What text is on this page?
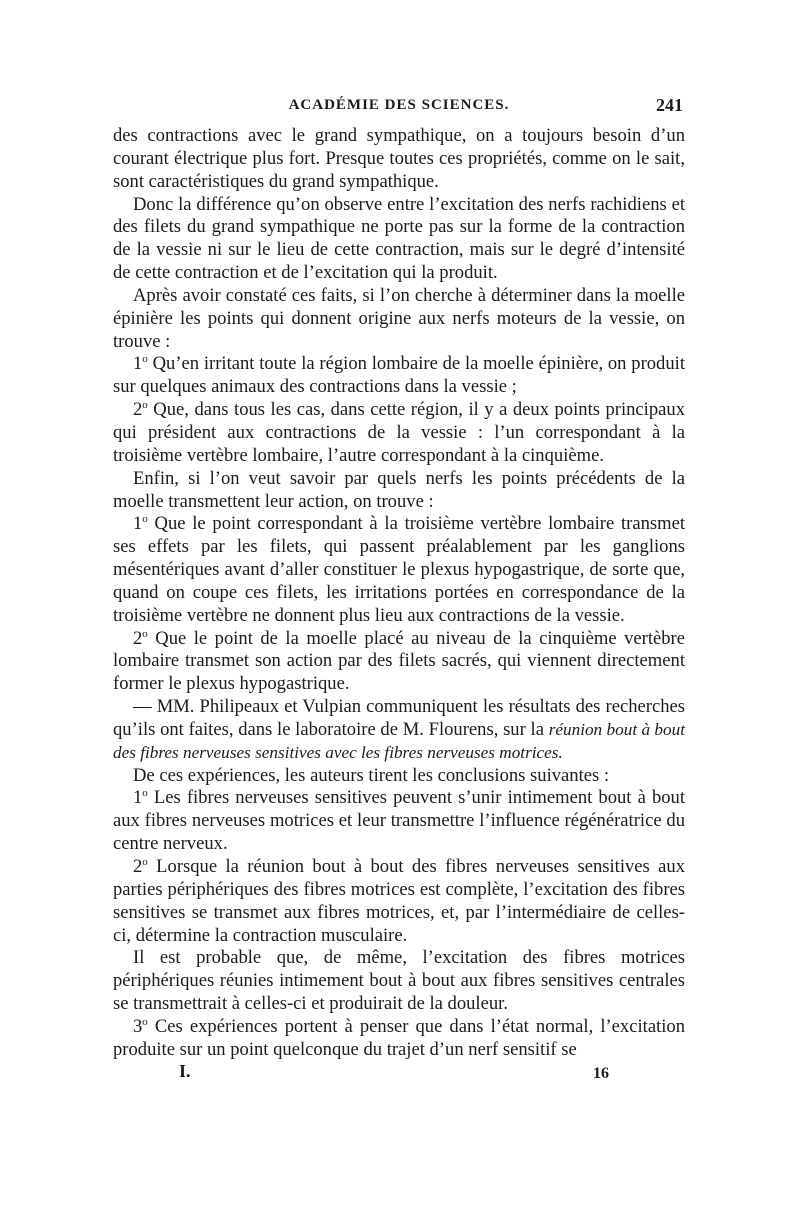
ACADÉMIE DES SCIENCES.	241

des contractions avec le grand sympathique, on a toujours besoin d’un courant électrique plus fort. Presque toutes ces propriétés, comme on le sait, sont caractéristiques du grand sympathique.

Donc la différence qu’on observe entre l’excitation des nerfs rachidiens et des filets du grand sympathique ne porte pas sur la forme de la contraction de la vessie ni sur le lieu de cette contraction, mais sur le degré d’intensité de cette contraction et de l’excitation qui la produit.

Après avoir constaté ces faits, si l’on cherche à déterminer dans la moelle épinière les points qui donnent origine aux nerfs moteurs de la vessie, on trouve :

1$^o$ Qu’en irritant toute la région lombaire de la moelle épinière, on produit sur quelques animaux des contractions dans la vessie ;

2$^o$ Que, dans tous les cas, dans cette région, il y a deux points principaux qui président aux contractions de la vessie : l’un correspondant à la troisième vertèbre lombaire, l’autre correspondant à la cinquième.

Enfin, si l’on veut savoir par quels nerfs les points précédents de la moelle transmettent leur action, on trouve :

1$^o$ Que le point correspondant à la troisième vertèbre lombaire transmet ses effets par les filets, qui passent préalablement par les ganglions mésentériques avant d’aller constituer le plexus hypogastrique, de sorte que, quand on coupe ces filets, les irritations portées en correspondance de la troisième vertèbre ne donnent plus lieu aux contractions de la vessie.

2$^o$ Que le point de la moelle placé au niveau de la cinquième vertèbre lombaire transmet son action par des filets sacrés, qui viennent directement former le plexus hypogastrique.

— MM. Philipeaux et Vulpian communiquent les résultats des recherches qu’ils ont faites, dans le laboratoire de M. Flourens, sur la réunion bout à bout des fibres nerveuses sensitives avec les fibres nerveuses motrices.

De ces expériences, les auteurs tirent les conclusions suivantes :

1$^o$ Les fibres nerveuses sensitives peuvent s’unir intimement bout à bout aux fibres nerveuses motrices et leur transmettre l’influence régénératrice du centre nerveux.

2$^o$ Lorsque la réunion bout à bout des fibres nerveuses sensitives aux parties périphériques des fibres motrices est complète, l’excitation des fibres sensitives se transmet aux fibres motrices, et, par l’intermédiaire de celles-ci, détermine la contraction musculaire.

Il est probable que, de même, l’excitation des fibres motrices périphériques réunies intimement bout à bout aux fibres sensitives centrales se transmettrait à celles-ci et produirait de la douleur.

3$^o$ Ces expériences portent à penser que dans l’état normal, l’excitation produite sur un point quelconque du trajet d’un nerf sensitif se

I.	16
